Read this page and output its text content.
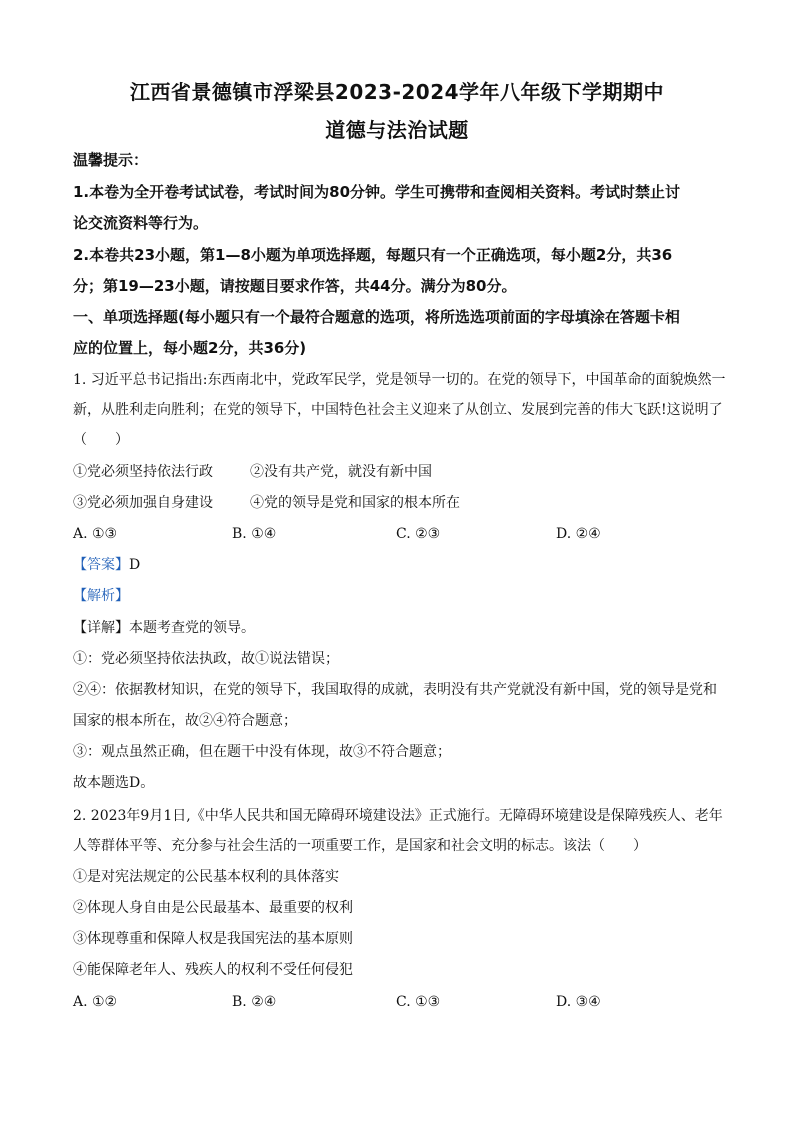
江西省景德镇市浮梁县2023-2024学年八年级下学期期中
道德与法治试题
温馨提示：
1.本卷为全开卷考试试卷，考试时间为80分钟。学生可携带和查阅相关资料。考试时禁止讨
论交流资料等行为。
2.本卷共23小题，第1—8小题为单项选择题，每题只有一个正确选项，每小题2分，共36
分；第19—23小题，请按题目要求作答，共44分。满分为80分。
一、单项选择题(每小题只有一个最符合题意的选项，将所选选项前面的字母填涂在答题卡相
应的位置上，每小题2分，共36分)
1. 习近平总书记指出:东西南北中，党政军民学，党是领导一切的。在党的领导下，中国革命的面貌焕然一
新，从胜利走向胜利；在党的领导下，中国特色社会主义迎来了从创立、发展到完善的伟大飞跃!这说明了
（　　）
①党必须坚持依法行政	②没有共产党，就没有新中国
③党必须加强自身建设	④党的领导是党和国家的根本所在
A. ①③	B. ①④	C. ②③	D. ②④
【答案】D
【解析】
【详解】本题考查党的领导。
①：党必须坚持依法执政，故①说法错误；
②④：依据教材知识，在党的领导下，我国取得的成就，表明没有共产党就没有新中国，党的领导是党和
国家的根本所在，故②④符合题意；
③：观点虽然正确，但在题干中没有体现，故③不符合题意；
故本题选D。
2. 2023年9月1日,《中华人民共和国无障碍环境建设法》正式施行。无障碍环境建设是保障残疾人、老年
人等群体平等、充分参与社会生活的一项重要工作，是国家和社会文明的标志。该法（　　）
①是对宪法规定的公民基本权利的具体落实
②体现人身自由是公民最基本、最重要的权利
③体现尊重和保障人权是我国宪法的基本原则
④能保障老年人、残疾人的权利不受任何侵犯
A. ①②	B. ②④	C. ①③	D. ③④
